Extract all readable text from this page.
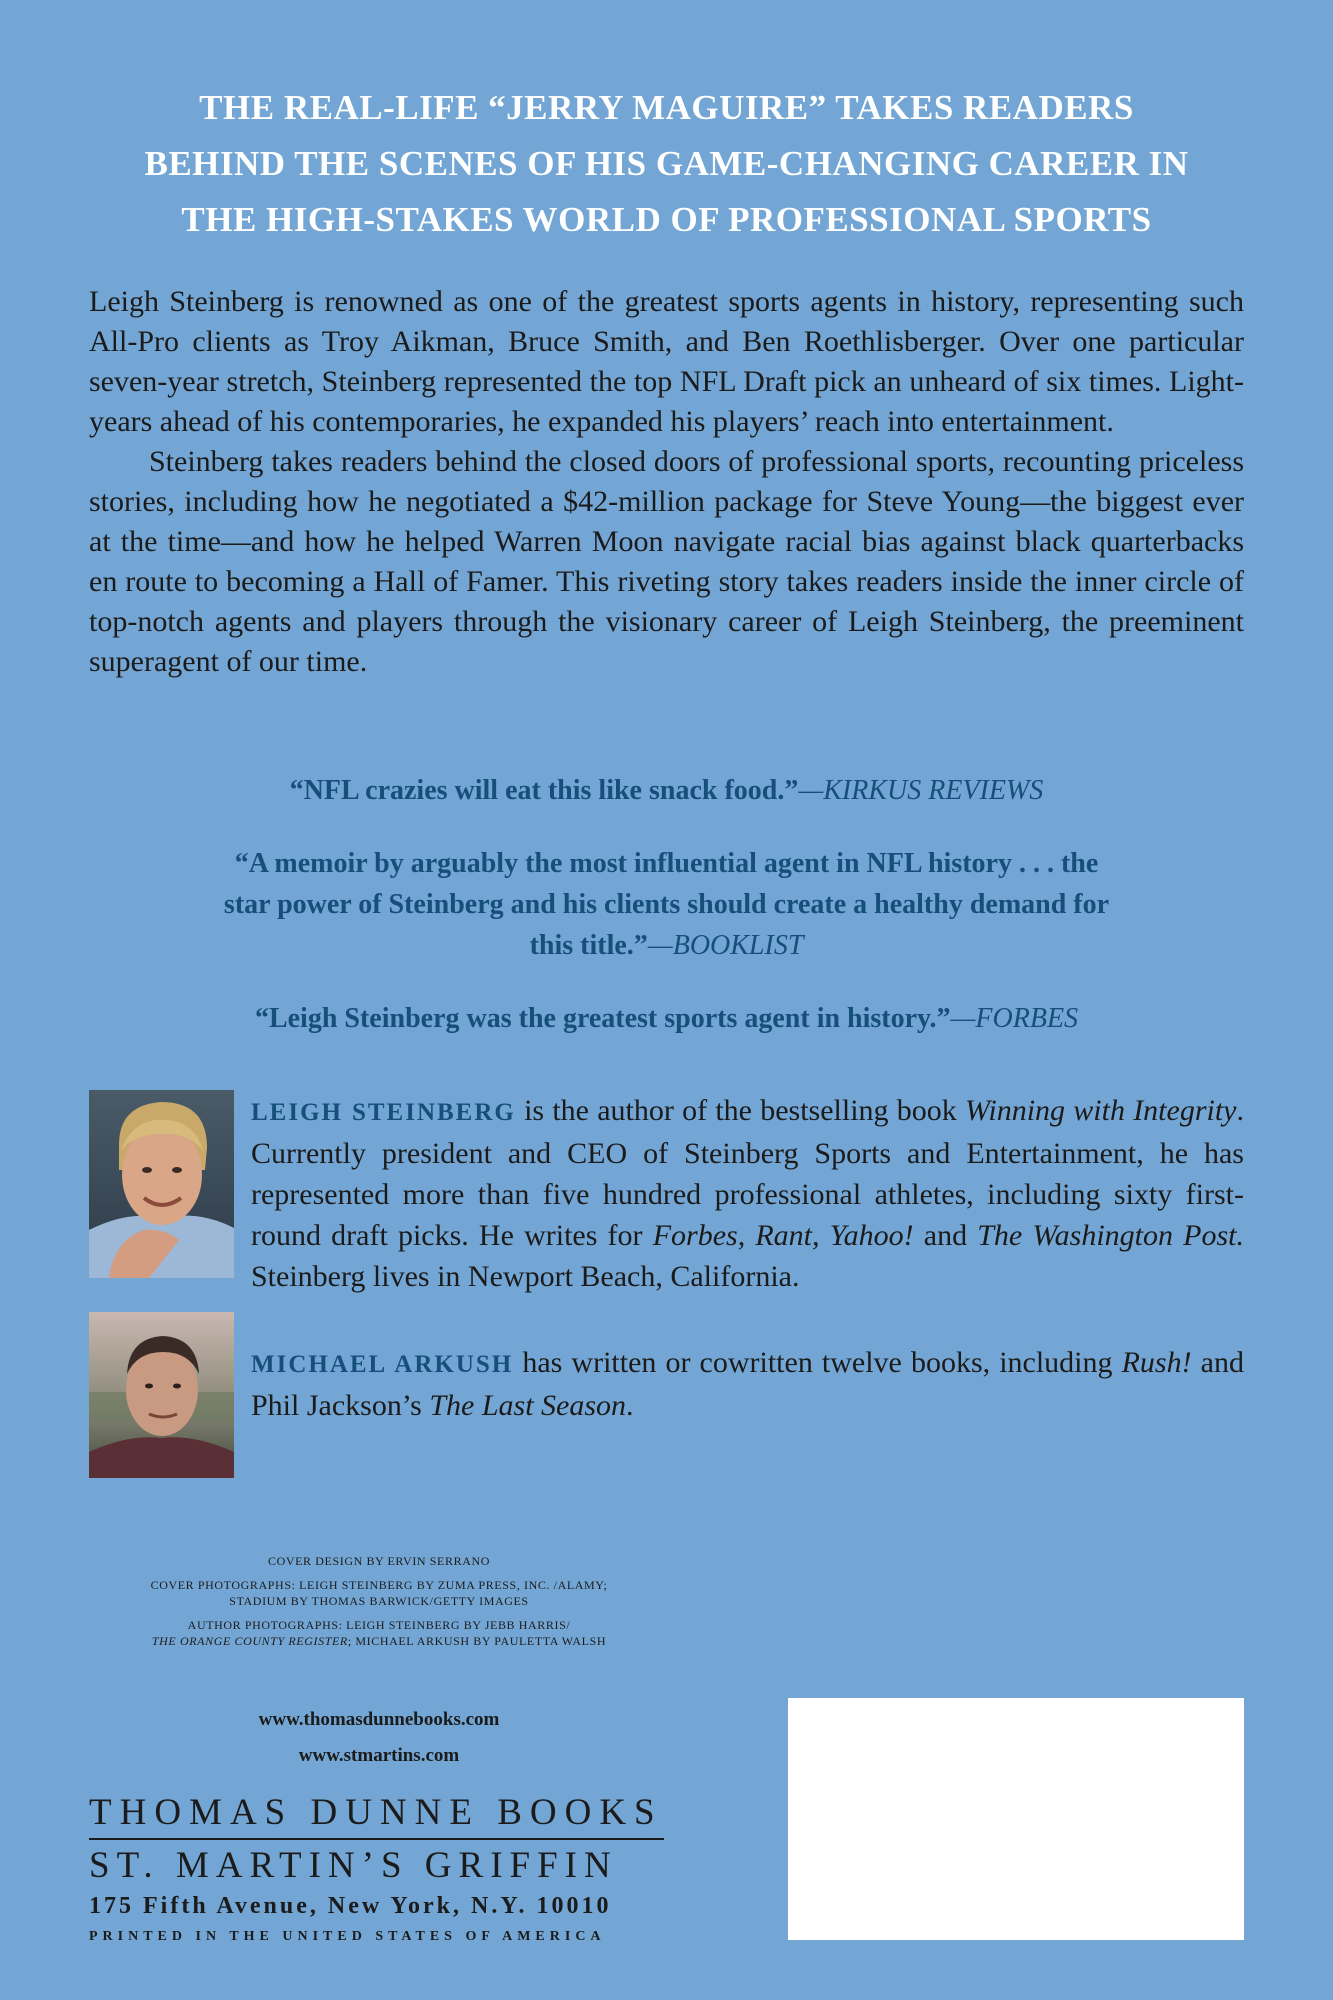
THE REAL-LIFE “JERRY MAGUIRE” TAKES READERS
BEHIND THE SCENES OF HIS GAME-CHANGING CAREER IN
THE HIGH-STAKES WORLD OF PROFESSIONAL SPORTS

Leigh Steinberg is renowned as one of the greatest sports agents in history, representing such All-Pro clients as Troy Aikman, Bruce Smith, and Ben Roethlisberger. Over one particular seven-year stretch, Steinberg represented the top NFL Draft pick an unheard of six times. Light-years ahead of his contemporaries, he expanded his players’ reach into entertainment.

Steinberg takes readers behind the closed doors of professional sports, recounting priceless stories, including how he negotiated a $42-million package for Steve Young—the biggest ever at the time—and how he helped Warren Moon navigate racial bias against black quarterbacks en route to becoming a Hall of Famer. This riveting story takes readers inside the inner circle of top-notch agents and players through the visionary career of Leigh Steinberg, the preeminent superagent of our time.

“NFL crazies will eat this like snack food.”—KIRKUS REVIEWS
“A memoir by arguably the most influential agent in NFL history . . . the star power of Steinberg and his clients should create a healthy demand for this title.”—BOOKLIST
“Leigh Steinberg was the greatest sports agent in history.”—FORBES
LEIGH STEINBERG is the author of the bestselling book Winning with Integrity. Currently president and CEO of Steinberg Sports and Entertainment, he has represented more than five hundred professional athletes, including sixty first-round draft picks. He writes for Forbes, Rant, Yahoo! and The Washington Post. Steinberg lives in Newport Beach, California.
MICHAEL ARKUSH has written or cowritten twelve books, including Rush! and Phil Jackson’s The Last Season.
COVER DESIGN BY ERVIN SERRANO
COVER PHOTOGRAPHS: LEIGH STEINBERG BY ZUMA PRESS, INC. /ALAMY;
STADIUM BY THOMAS BARWICK/GETTY IMAGES
AUTHOR PHOTOGRAPHS: LEIGH STEINBERG BY JEBB HARRIS/
THE ORANGE COUNTY REGISTER; MICHAEL ARKUSH BY PAULETTA WALSH
www.thomasdunnebooks.com
www.stmartins.com
THOMAS DUNNE BOOKS
ST. MARTIN’S GRIFFIN
175 Fifth Avenue, New York, N.Y. 10010
PRINTED IN THE UNITED STATES OF AMERICA
